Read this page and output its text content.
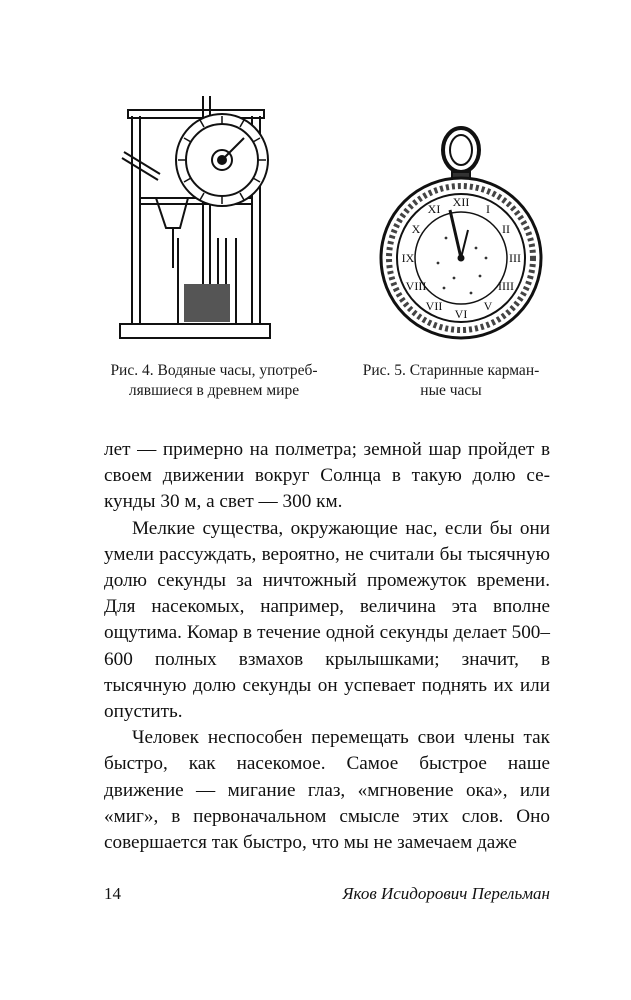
XII I
II
III
IIII
V
VI
VII
VIII
IX
X
XI
Рис. 4. Водяные часы, употреб-
лявшиеся в древнем мире
Рис. 5. Старинные карман-
ные часы

лет — примерно на полметра; земной шар пройдет в своем движении вокруг Солнца в такую долю секунды 30 м, а свет — 300 км.

Мелкие существа, окружающие нас, если бы они умели рассуждать, вероятно, не считали бы тысячную долю секунды за ничтожный промежуток времени. Для насекомых, например, величина эта вполне ощутима. Комар в течение одной секунды делает 500–600 полных взмахов крылышками; значит, в тысячную долю секунды он успевает поднять их или опустить.

Человек неспособен перемещать свои члены так быстро, как насекомое. Самое быстрое наше движение — мигание глаз, «мгновение ока», или «миг», в первоначальном смысле этих слов. Оно совершается так быстро, что мы не замечаем даже

14	Яков Исидорович Перельман
